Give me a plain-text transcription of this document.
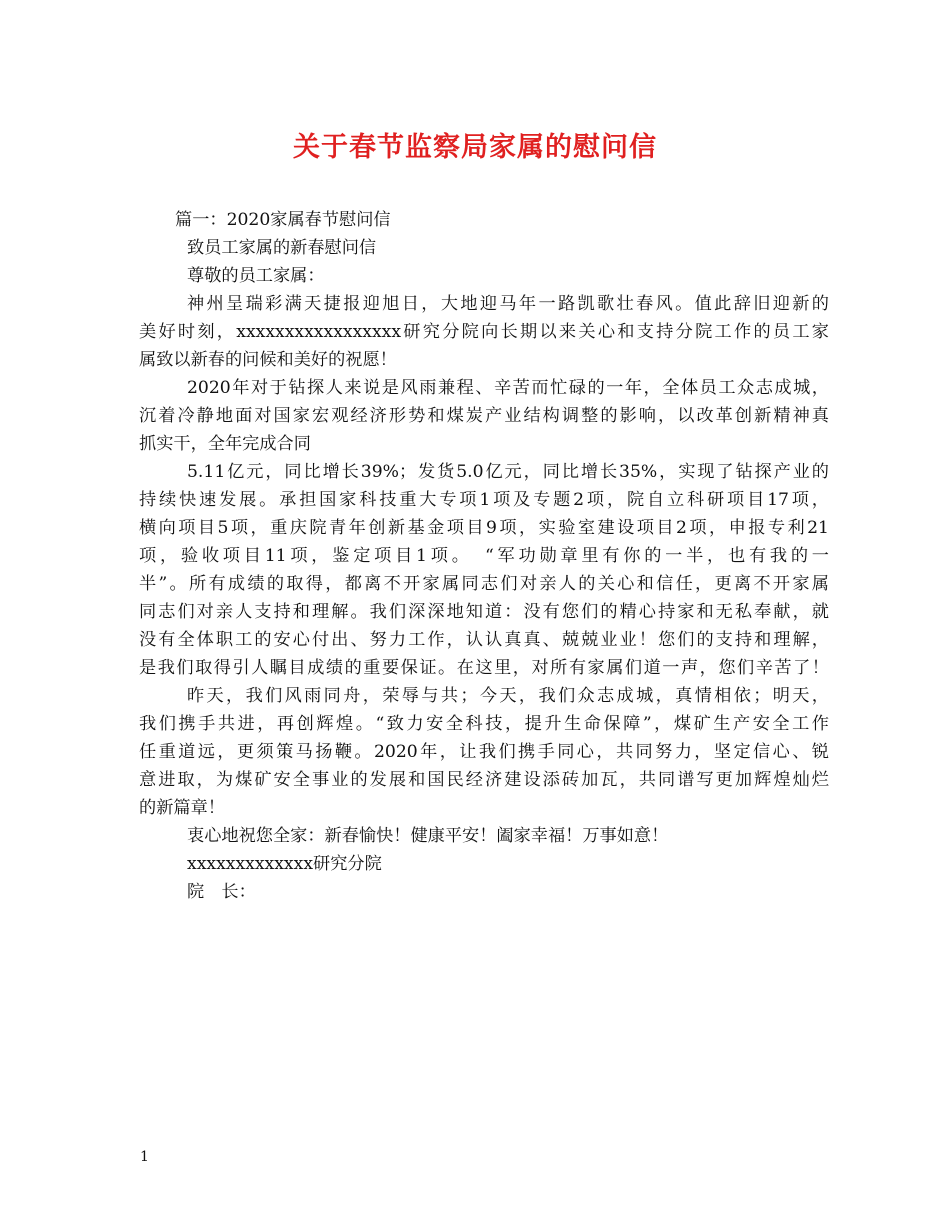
关于春节监察局家属的慰问信

篇一：2020家属春节慰问信

致员工家属的新春慰问信

尊敬的员工家属：

神州呈瑞彩满天捷报迎旭日，大地迎马年一路凯歌壮春风。值此辞旧迎新的

美好时刻，xxxxxxxxxxxxxxxxx研究分院向长期以来关心和支持分院工作的员工家

属致以新春的问候和美好的祝愿！

2020年对于钻探人来说是风雨兼程、辛苦而忙碌的一年，全体员工众志成城，

沉着冷静地面对国家宏观经济形势和煤炭产业结构调整的影响，以改革创新精神真

抓实干，全年完成合同

5.11亿元，同比增长39%；发货5.0亿元，同比增长35%，实现了钻探产业的

持续快速发展。承担国家科技重大专项1项及专题2项，院自立科研项目17项，

横向项目5项，重庆院青年创新基金项目9项，实验室建设项目2项，申报专利21

项，验收项目11项，鉴定项目1项。　“军功勋章里有你的一半，也有我的一

半”。所有成绩的取得，都离不开家属同志们对亲人的关心和信任，更离不开家属

同志们对亲人支持和理解。我们深深地知道：没有您们的精心持家和无私奉献，就

没有全体职工的安心付出、努力工作，认认真真、兢兢业业！您们的支持和理解，

是我们取得引人瞩目成绩的重要保证。在这里，对所有家属们道一声，您们辛苦了！

昨天，我们风雨同舟，荣辱与共；今天，我们众志成城，真情相依；明天，

我们携手共进，再创辉煌。“致力安全科技，提升生命保障”，煤矿生产安全工作

任重道远，更须策马扬鞭。2020年，让我们携手同心，共同努力，坚定信心、锐

意进取，为煤矿安全事业的发展和国民经济建设添砖加瓦，共同谱写更加辉煌灿烂

的新篇章！

衷心地祝您全家：新春愉快！健康平安！阖家幸福！万事如意！

xxxxxxxxxxxxx研究分院

院　长：

1
